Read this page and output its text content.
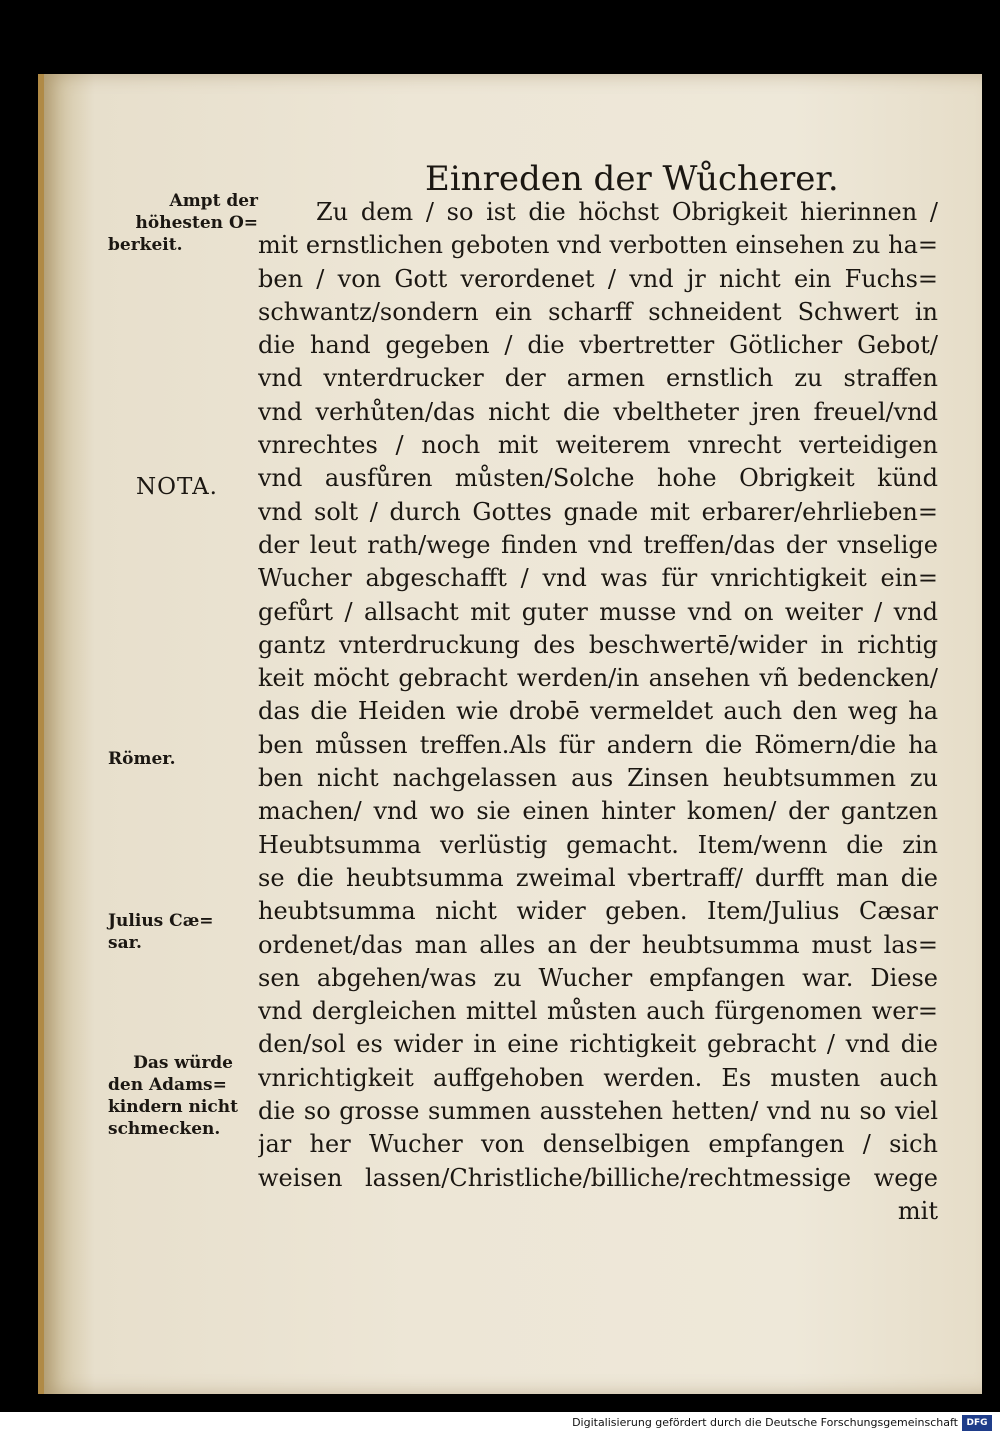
Einreden der Wůcherer.
Ampt der
höhesten O=
berkeit.
NOTA.
Römer.
Julius Cæ=
sar.
Das würde
den Adams=
kindern nicht
schmecken.
Zu dem / so ist die höchst Obrigkeit hierinnen /
mit ernstlichen geboten vnd verbotten einsehen zu ha=
ben / von Gott verordenet / vnd jr nicht ein Fuchs=
schwantz/sondern ein scharff schneident Schwert in
die hand gegeben / die vbertretter Götlicher Gebot/
vnd vnterdrucker der armen ernstlich zu straffen
vnd verhůten/das nicht die vbeltheter jren freuel/vnd
vnrechtes / noch mit weiterem vnrecht verteidigen
vnd ausfůren můsten/Solche hohe Obrigkeit künd
vnd solt / durch Gottes gnade mit erbarer/ehrlieben=
der leut rath/wege finden vnd treffen/das der vnselige
Wucher abgeschafft / vnd was für vnrichtigkeit ein=
gefůrt / allsacht mit guter musse vnd on weiter / vnd
gantz vnterdruckung des beschwertē/wider in richtig
keit möcht gebracht werden/in ansehen vñ bedencken/
das die Heiden wie drobē vermeldet auch den weg ha
ben můssen treffen.Als für andern die Römern/die ha
ben nicht nachgelassen aus Zinsen heubtsummen zu
machen/ vnd wo sie einen hinter komen/ der gantzen
Heubtsumma verlüstig gemacht. Item/wenn die zin
se die heubtsumma zweimal vbertraff/ durfft man die
heubtsumma nicht wider geben. Item/Julius Cæsar
ordenet/das man alles an der heubtsumma must las=
sen abgehen/was zu Wucher empfangen war. Diese
vnd dergleichen mittel můsten auch fürgenomen wer=
den/sol es wider in eine richtigkeit gebracht / vnd die
vnrichtigkeit auffgehoben werden. Es musten auch
die so grosse summen ausstehen hetten/ vnd nu so viel
jar her Wucher von denselbigen empfangen / sich
weisen lassen/Christliche/billiche/rechtmessige wege
mit
Digitalisierung gefördert durch die Deutsche Forschungsgemeinschaft DFG
